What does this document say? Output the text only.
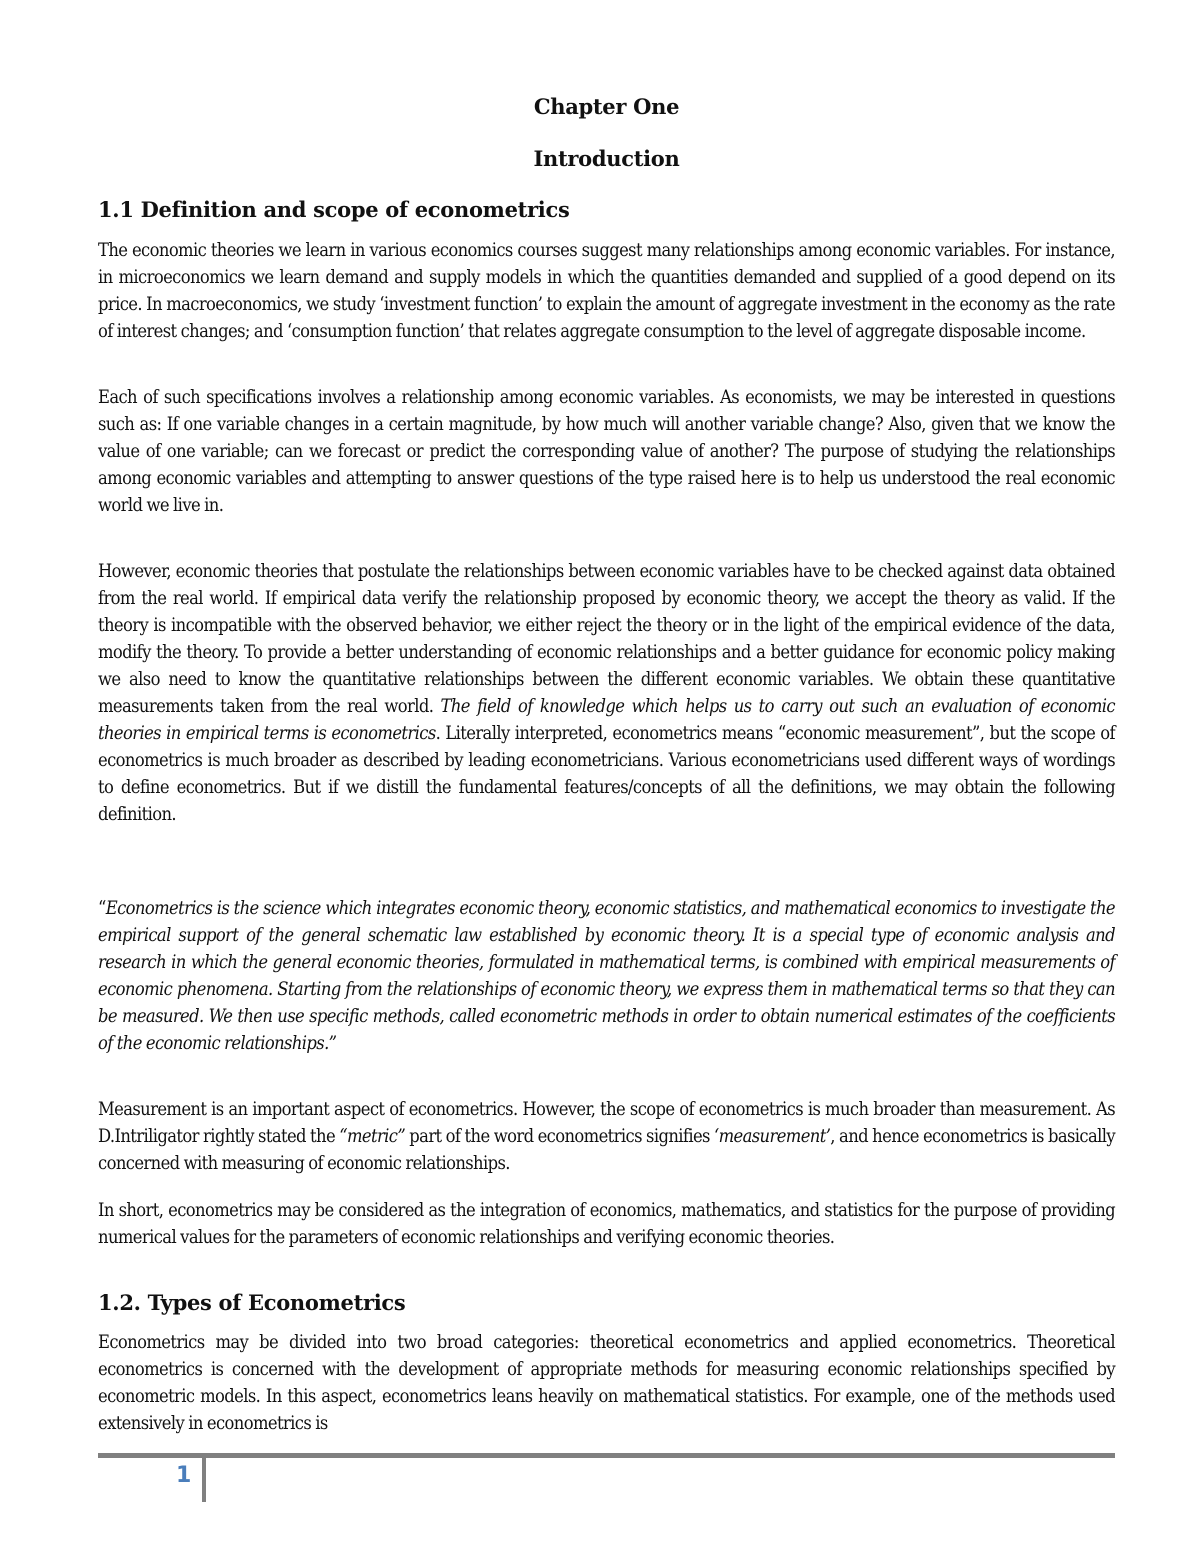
Chapter One
Introduction
1.1 Definition and scope of econometrics

The economic theories we learn in various economics courses suggest many relationships among economic variables. For instance, in microeconomics we learn demand and supply models in which the quantities demanded and supplied of a good depend on its price. In macroeconomics, we study ‘investment function’ to explain the amount of aggregate investment in the economy as the rate of interest changes; and ‘consumption function’ that relates aggregate consumption to the level of aggregate disposable income.

Each of such specifications involves a relationship among economic variables. As economists, we may be interested in questions such as: If one variable changes in a certain magnitude, by how much will another variable change? Also, given that we know the value of one variable; can we forecast or predict the corresponding value of another? The purpose of studying the relationships among economic variables and attempting to answer questions of the type raised here is to help us understood the real economic world we live in.

However, economic theories that postulate the relationships between economic variables have to be checked against data obtained from the real world. If empirical data verify the relationship proposed by economic theory, we accept the theory as valid. If the theory is incompatible with the observed behavior, we either reject the theory or in the light of the empirical evidence of the data, modify the theory. To provide a better understanding of economic relationships and a better guidance for economic policy making we also need to know the quantitative relationships between the different economic variables. We obtain these quantitative measurements taken from the real world. The field of knowledge which helps us to carry out such an evaluation of economic theories in empirical terms is econometrics. Literally interpreted, econometrics means “economic measurement”, but the scope of econometrics is much broader as described by leading econometricians. Various econometricians used different ways of wordings to define econometrics. But if we distill the fundamental features/concepts of all the definitions, we may obtain the following definition.

“Econometrics is the science which integrates economic theory, economic statistics, and mathematical economics to investigate the empirical support of the general schematic law established by economic theory. It is a special type of economic analysis and research in which the general economic theories, formulated in mathematical terms, is combined with empirical measurements of economic phenomena. Starting from the relationships of economic theory, we express them in mathematical terms so that they can be measured. We then use specific methods, called econometric methods in order to obtain numerical estimates of the coefficients of the economic relationships.”

Measurement is an important aspect of econometrics. However, the scope of econometrics is much broader than measurement. As D.Intriligator rightly stated the “metric” part of the word econometrics signifies ‘measurement’, and hence econometrics is basically concerned with measuring of economic relationships.

In short, econometrics may be considered as the integration of economics, mathematics, and statistics for the purpose of providing numerical values for the parameters of economic relationships and verifying economic theories.

1.2. Types of Econometrics

Econometrics may be divided into two broad categories: theoretical econometrics and applied econometrics. Theoretical econometrics is concerned with the development of appropriate methods for measuring economic relationships specified by econometric models. In this aspect, econometrics leans heavily on mathematical statistics. For example, one of the methods used extensively in econometrics is

1
